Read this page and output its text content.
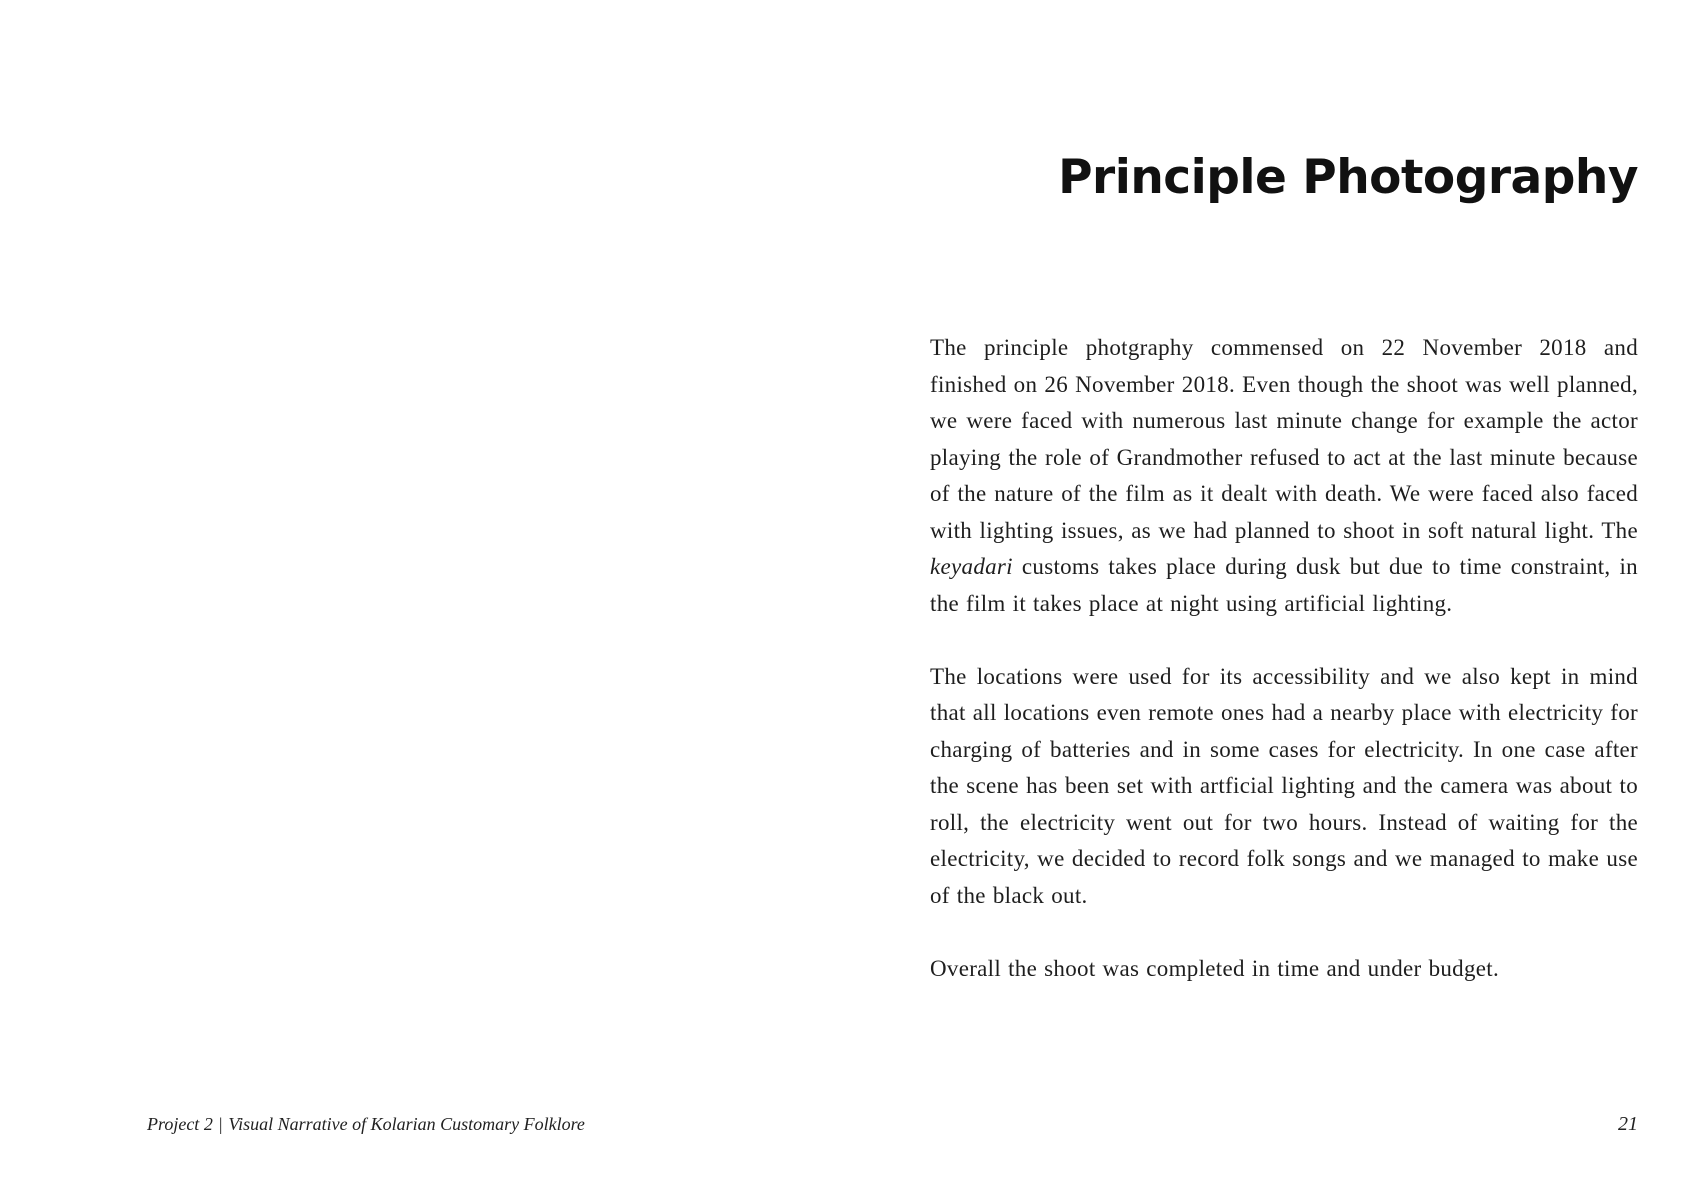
Principle Photography

The principle photgraphy commensed on 22 November 2018 and finished on 26 November 2018. Even though the shoot was well planned, we were faced with numerous last minute change for example the actor playing the role of Grandmother refused to act at the last minute because of the nature of the film as it dealt with death. We were faced also faced with lighting issues, as we had planned to shoot in soft natural light. The keyadari customs takes place during dusk but due to time constraint, in the film it takes place at night using artificial lighting.

The locations were used for its accessibility and we also kept in mind that all locations even remote ones had a nearby place with electricity for charging of batteries and in some cases for electricity. In one case after the scene has been set with artficial lighting and the camera was about to roll, the electricity went out for two hours. Instead of waiting for the electricity, we decided to record folk songs and we managed to make use of the black out.

Overall the shoot was completed in time and under budget.

Project 2 | Visual Narrative of Kolarian Customary Folklore	21
